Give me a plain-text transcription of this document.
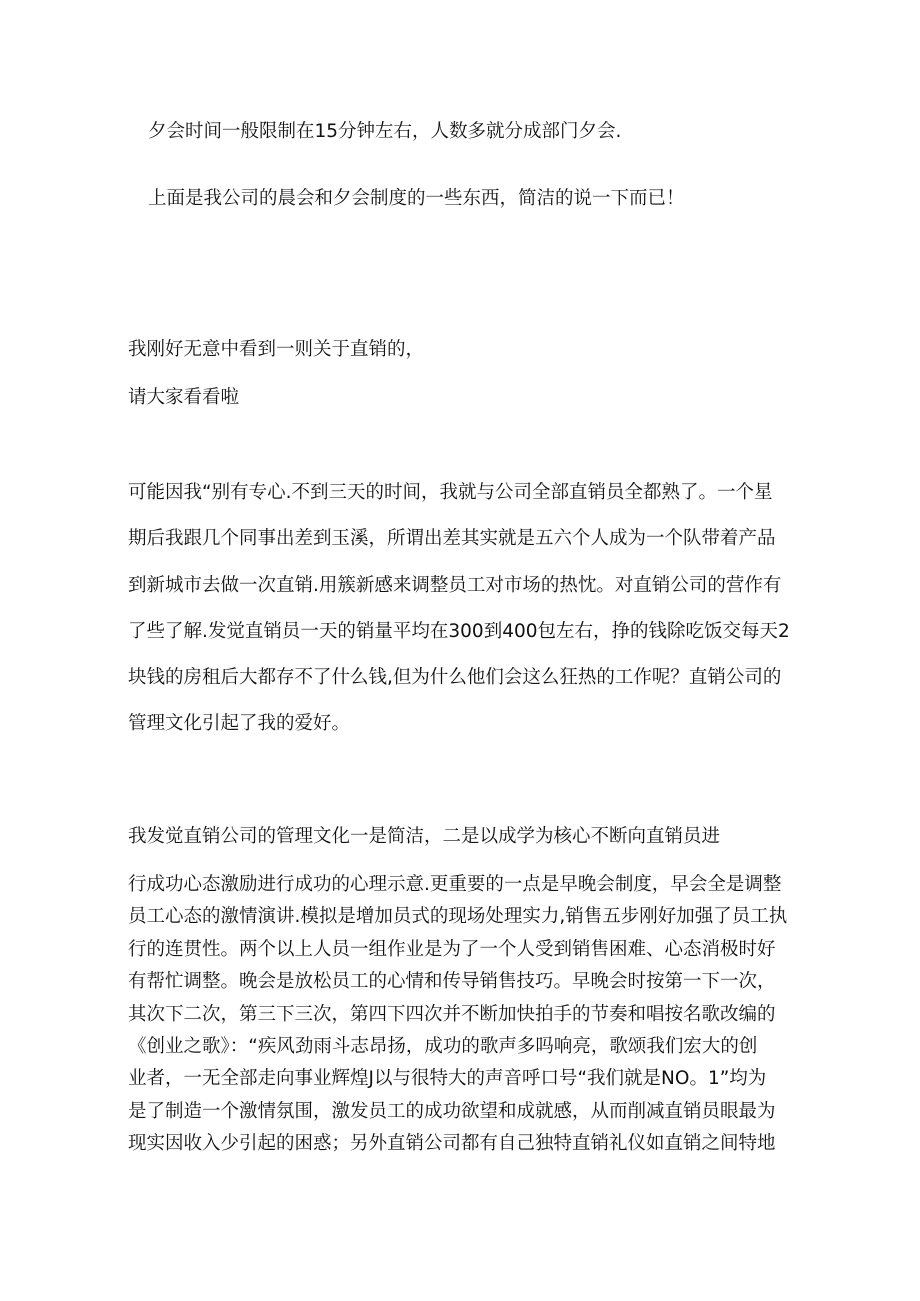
夕会时间一般限制在15分钟左右，人数多就分成部门夕会.
上面是我公司的晨会和夕会制度的一些东西，简洁的说一下而已！
我刚好无意中看到一则关于直销的，
请大家看看啦
可能因我“别有专心.不到三天的时间，我就与公司全部直销员全都熟了。一个星
期后我跟几个同事出差到玉溪，所谓出差其实就是五六个人成为一个队带着产品
到新城市去做一次直销.用簇新感来调整员工对市场的热忱。对直销公司的营作有
了些了解.发觉直销员一天的销量平均在300到400包左右，挣的钱除吃饭交每天2
块钱的房租后大都存不了什么钱,但为什么他们会这么狂热的工作呢？直销公司的
管理文化引起了我的爱好。
我发觉直销公司的管理文化一是简洁，二是以成学为核心不断向直销员进
行成功心态激励进行成功的心理示意.更重要的一点是早晚会制度，早会全是调整
员工心态的激情演讲.模拟是增加员式的现场处理实力,销售五步刚好加强了员工执
行的连贯性。两个以上人员一组作业是为了一个人受到销售困难、心态消极时好
有帮忙调整。晚会是放松员工的心情和传导销售技巧。早晚会时按第一下一次，
其次下二次，第三下三次，第四下四次并不断加快拍手的节奏和唱按名歌改编的
《创业之歌》：“疾风劲雨斗志昂扬，成功的歌声多吗响亮，歌颂我们宏大的创
业者，一无全部走向事业辉煌J以与很特大的声音呼口号“我们就是NO。1”均为
是了制造一个激情氛围，激发员工的成功欲望和成就感，从而削减直销员眼最为
现实因收入少引起的困惑；另外直销公司都有自己独特直销礼仪如直销之间特地
